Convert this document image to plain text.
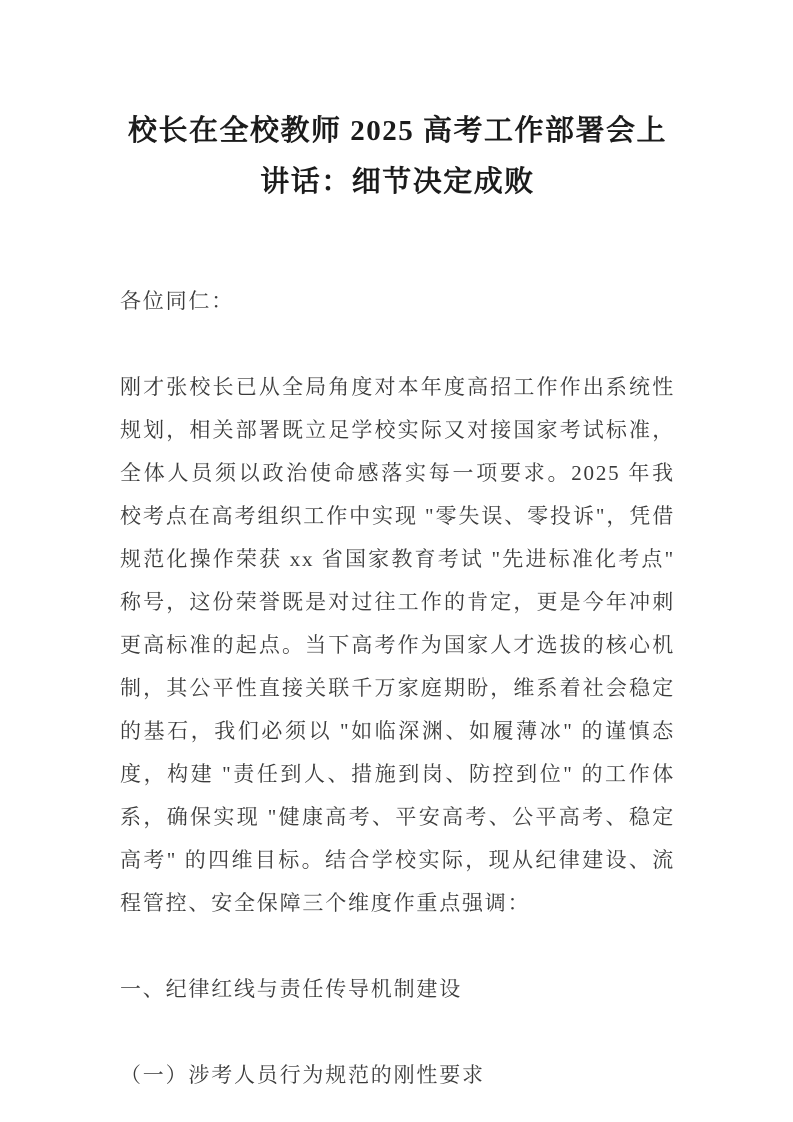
校长在全校教师 2025 高考工作部署会上讲话：细节决定成败

各位同仁：

刚才张校长已从全局角度对本年度高招工作作出系统性规划，相关部署既立足学校实际又对接国家考试标准，全体人员须以政治使命感落实每一项要求。2025 年我校考点在高考组织工作中实现 "零失误、零投诉"，凭借规范化操作荣获 xx 省国家教育考试 "先进标准化考点" 称号，这份荣誉既是对过往工作的肯定，更是今年冲刺更高标准的起点。当下高考作为国家人才选拔的核心机制，其公平性直接关联千万家庭期盼，维系着社会稳定的基石，我们必须以 "如临深渊、如履薄冰" 的谨慎态度，构建 "责任到人、措施到岗、防控到位" 的工作体系，确保实现 "健康高考、平安高考、公平高考、稳定高考" 的四维目标。结合学校实际，现从纪律建设、流程管控、安全保障三个维度作重点强调：

一、纪律红线与责任传导机制建设

（一）涉考人员行为规范的刚性要求
